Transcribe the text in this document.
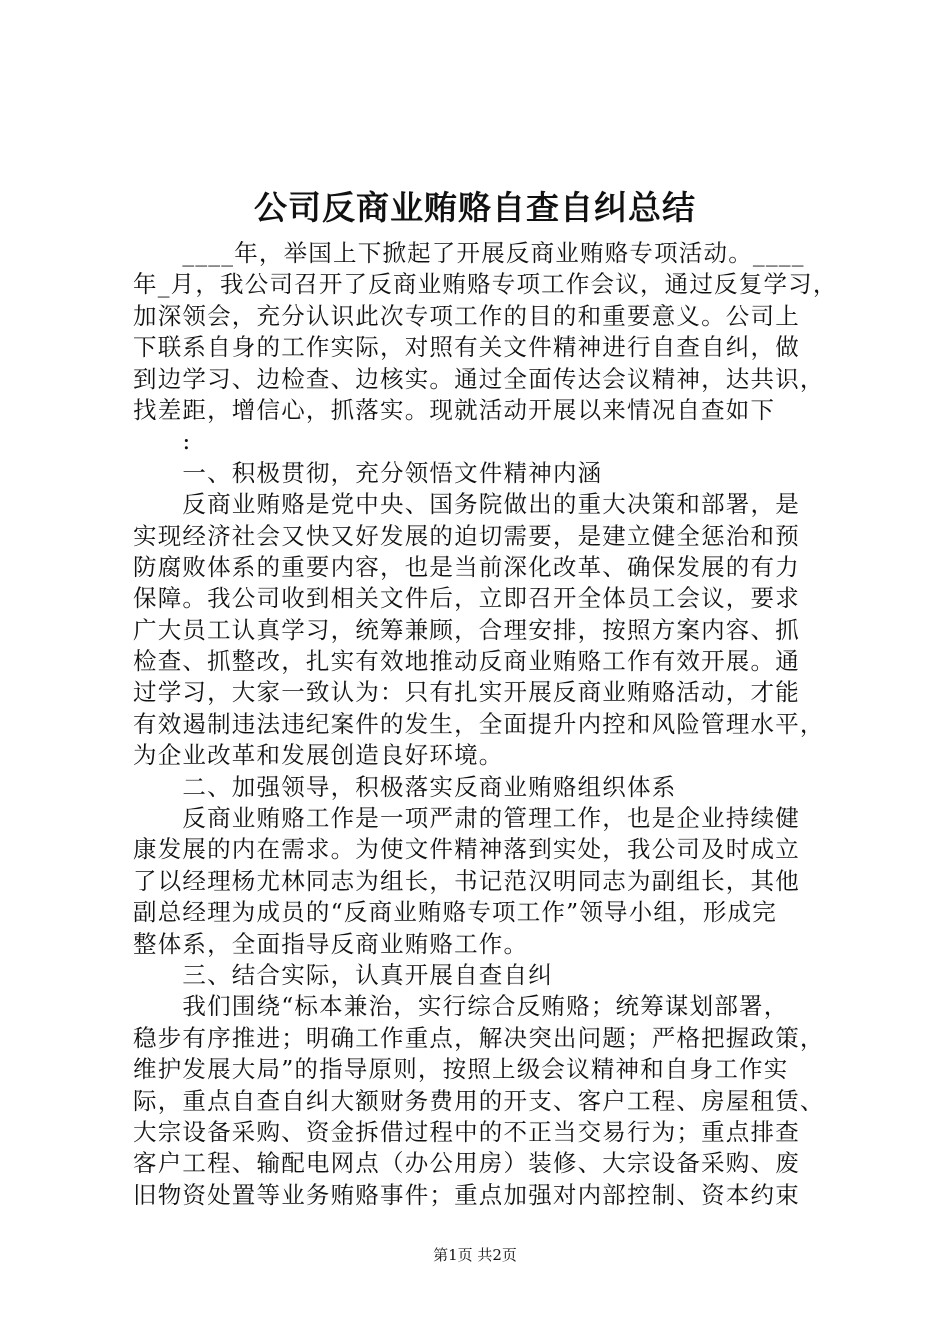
公司反商业贿赂自查自纠总结
　　____年，举国上下掀起了开展反商业贿赂专项活动。____
年_月，我公司召开了反商业贿赂专项工作会议，通过反复学习，
加深领会，充分认识此次专项工作的目的和重要意义。公司上
下联系自身的工作实际，对照有关文件精神进行自查自纠，做
到边学习、边检查、边核实。通过全面传达会议精神，达共识，
找差距，增信心，抓落实。现就活动开展以来情况自查如下
　　:
　　一、积极贯彻，充分领悟文件精神内涵
　　反商业贿赂是党中央、国务院做出的重大决策和部署，是
实现经济社会又快又好发展的迫切需要，是建立健全惩治和预
防腐败体系的重要内容，也是当前深化改革、确保发展的有力
保障。我公司收到相关文件后，立即召开全体员工会议，要求
广大员工认真学习，统筹兼顾，合理安排，按照方案内容、抓
检查、抓整改，扎实有效地推动反商业贿赂工作有效开展。通
过学习，大家一致认为：只有扎实开展反商业贿赂活动，才能
有效遏制违法违纪案件的发生，全面提升内控和风险管理水平，
为企业改革和发展创造良好环境。
　　二、加强领导，积极落实反商业贿赂组织体系
　　反商业贿赂工作是一项严肃的管理工作，也是企业持续健
康发展的内在需求。为使文件精神落到实处，我公司及时成立
了以经理杨尤林同志为组长，书记范汉明同志为副组长，其他
副总经理为成员的“反商业贿赂专项工作”领导小组，形成完
整体系，全面指导反商业贿赂工作。
　　三、结合实际，认真开展自查自纠
　　我们围绕“标本兼治，实行综合反贿赂；统筹谋划部署，
稳步有序推进；明确工作重点，解决突出问题；严格把握政策，
维护发展大局”的指导原则，按照上级会议精神和自身工作实
际，重点自查自纠大额财务费用的开支、客户工程、房屋租赁、
大宗设备采购、资金拆借过程中的不正当交易行为；重点排查
客户工程、输配电网点（办公用房）装修、大宗设备采购、废
旧物资处置等业务贿赂事件；重点加强对内部控制、资本约束
第1页 共2页
